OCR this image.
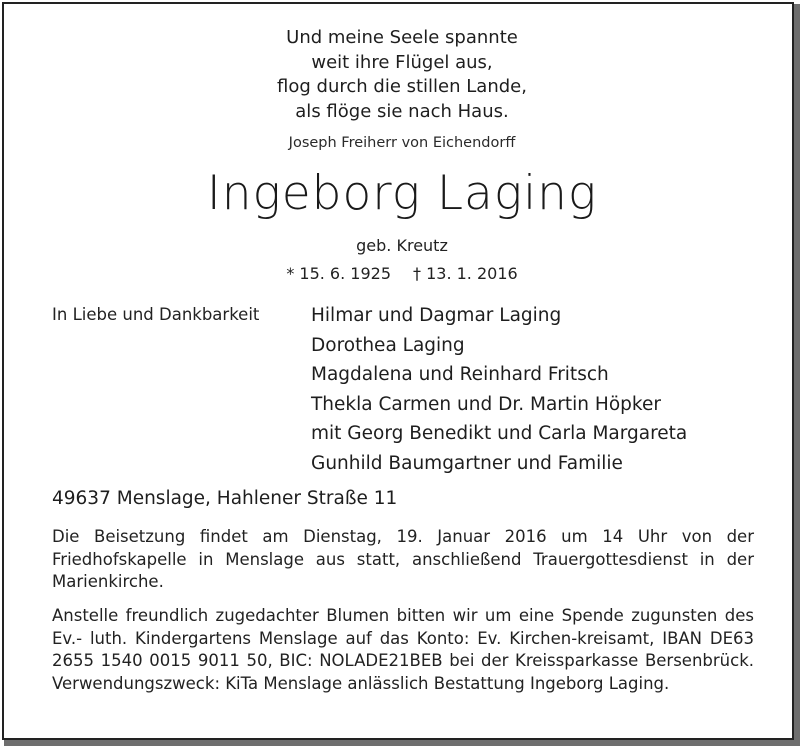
Und meine Seele spannte
weit ihre Flügel aus,
flog durch die stillen Lande,
als flöge sie nach Haus.
Joseph Freiherr von Eichendorff
Ingeborg Laging
geb. Kreutz
* 15. 6. 1925 † 13. 1. 2016
In Liebe und Dankbarkeit	Hilmar und Dagmar Laging
Dorothea Laging
Magdalena und Reinhard Fritsch
Thekla Carmen und Dr. Martin Höpker
mit Georg Benedikt und Carla Margareta
Gunhild Baumgartner und Familie
49637 Menslage, Hahlener Straße 11
Die Beisetzung findet am Dienstag, 19. Januar 2016 um 14 Uhr von der Friedhofskapelle in Menslage aus statt, anschließend Trauergottesdienst in der Marienkirche.
Anstelle freundlich zugedachter Blumen bitten wir um eine Spende zugunsten des Ev.- luth. Kindergartens Menslage auf das Konto: Ev. Kirchen-kreisamt, IBAN DE63 2655 1540 0015 9011 50, BIC: NOLADE21BEB bei der Kreissparkasse Bersenbrück. Verwendungszweck: KiTa Menslage anlässlich Bestattung Ingeborg Laging.
